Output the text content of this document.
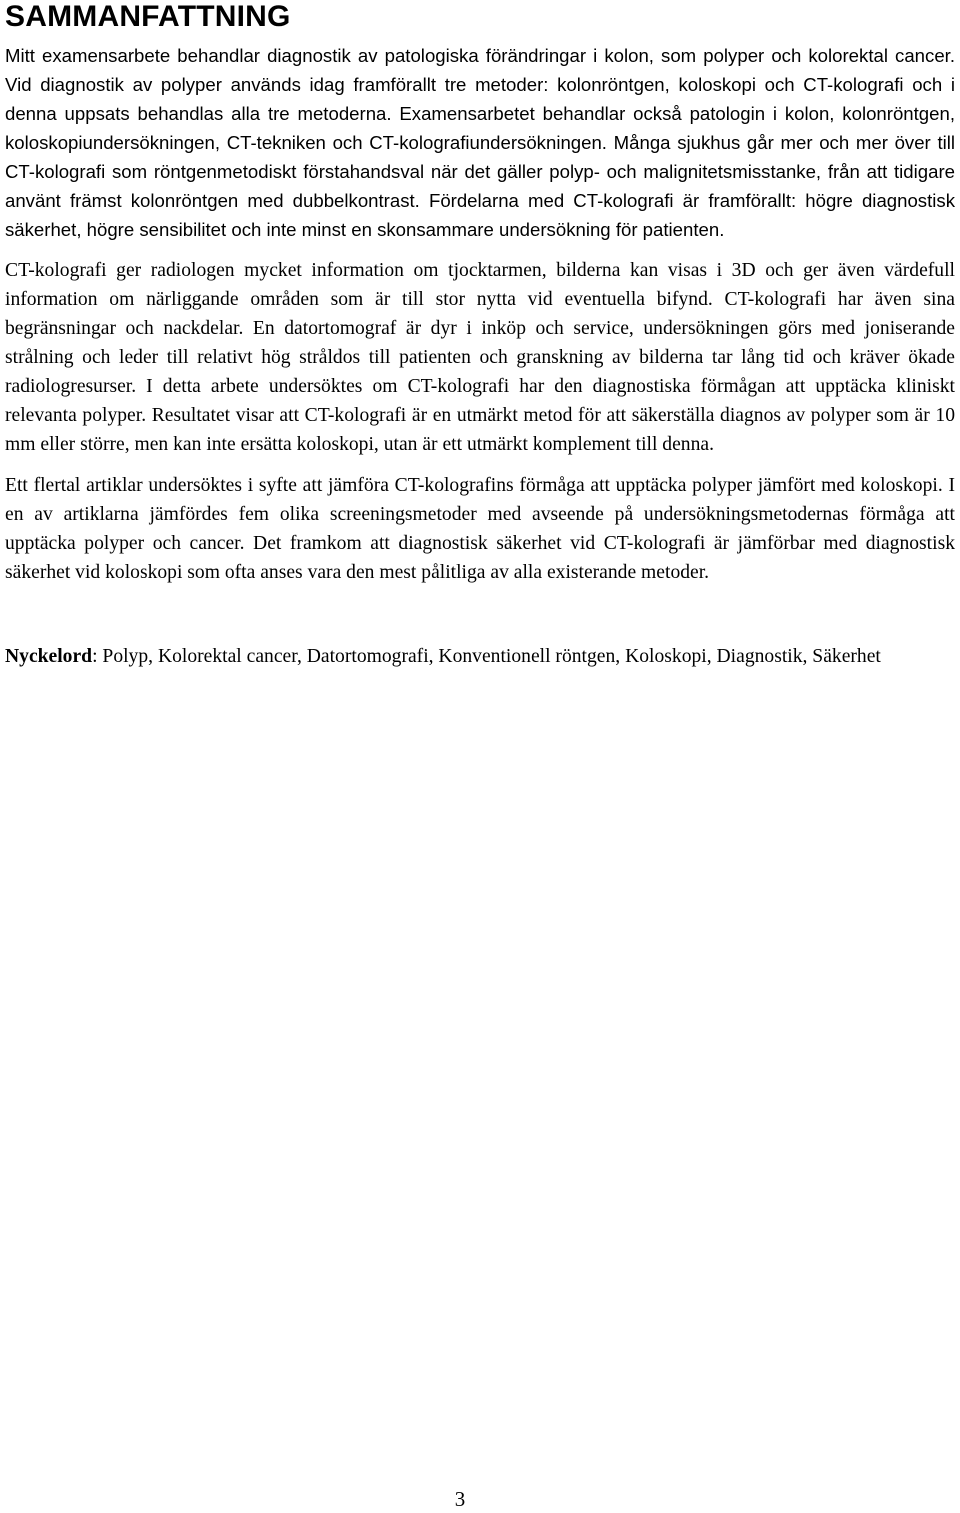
SAMMANFATTNING

Mitt examensarbete behandlar diagnostik av patologiska förändringar i kolon, som polyper och kolorektal cancer. Vid diagnostik av polyper används idag framförallt tre metoder: kolonröntgen, koloskopi och CT-kolografi och i denna uppsats behandlas alla tre metoderna. Examensarbetet behandlar också patologin i kolon, kolonröntgen, koloskopiundersökningen, CT-tekniken och CT-kolografiundersökningen. Många sjukhus går mer och mer över till CT-kolografi som röntgenmetodiskt förstahandsval när det gäller polyp- och malignitetsmisstanke, från att tidigare använt främst kolonröntgen med dubbelkontrast. Fördelarna med CT-kolografi är framförallt: högre diagnostisk säkerhet, högre sensibilitet och inte minst en skonsammare undersökning för patienten.

CT-kolografi ger radiologen mycket information om tjocktarmen, bilderna kan visas i 3D och ger även värdefull information om närliggande områden som är till stor nytta vid eventuella bifynd. CT-kolografi har även sina begränsningar och nackdelar. En datortomograf är dyr i inköp och service, undersökningen görs med joniserande strålning och leder till relativt hög stråldos till patienten och granskning av bilderna tar lång tid och kräver ökade radiologresurser. I detta arbete undersöktes om CT-kolografi har den diagnostiska förmågan att upptäcka kliniskt relevanta polyper. Resultatet visar att CT-kolografi är en utmärkt metod för att säkerställa diagnos av polyper som är 10 mm eller större, men kan inte ersätta koloskopi, utan är ett utmärkt komplement till denna.

Ett flertal artiklar undersöktes i syfte att jämföra CT-kolografins förmåga att upptäcka polyper jämfört med koloskopi. I en av artiklarna jämfördes fem olika screeningsmetoder med avseende på undersökningsmetodernas förmåga att upptäcka polyper och cancer. Det framkom att diagnostisk säkerhet vid CT-kolografi är jämförbar med diagnostisk säkerhet vid koloskopi som ofta anses vara den mest pålitliga av alla existerande metoder.

Nyckelord: Polyp, Kolorektal cancer, Datortomografi, Konventionell röntgen, Koloskopi, Diagnostik, Säkerhet

3
